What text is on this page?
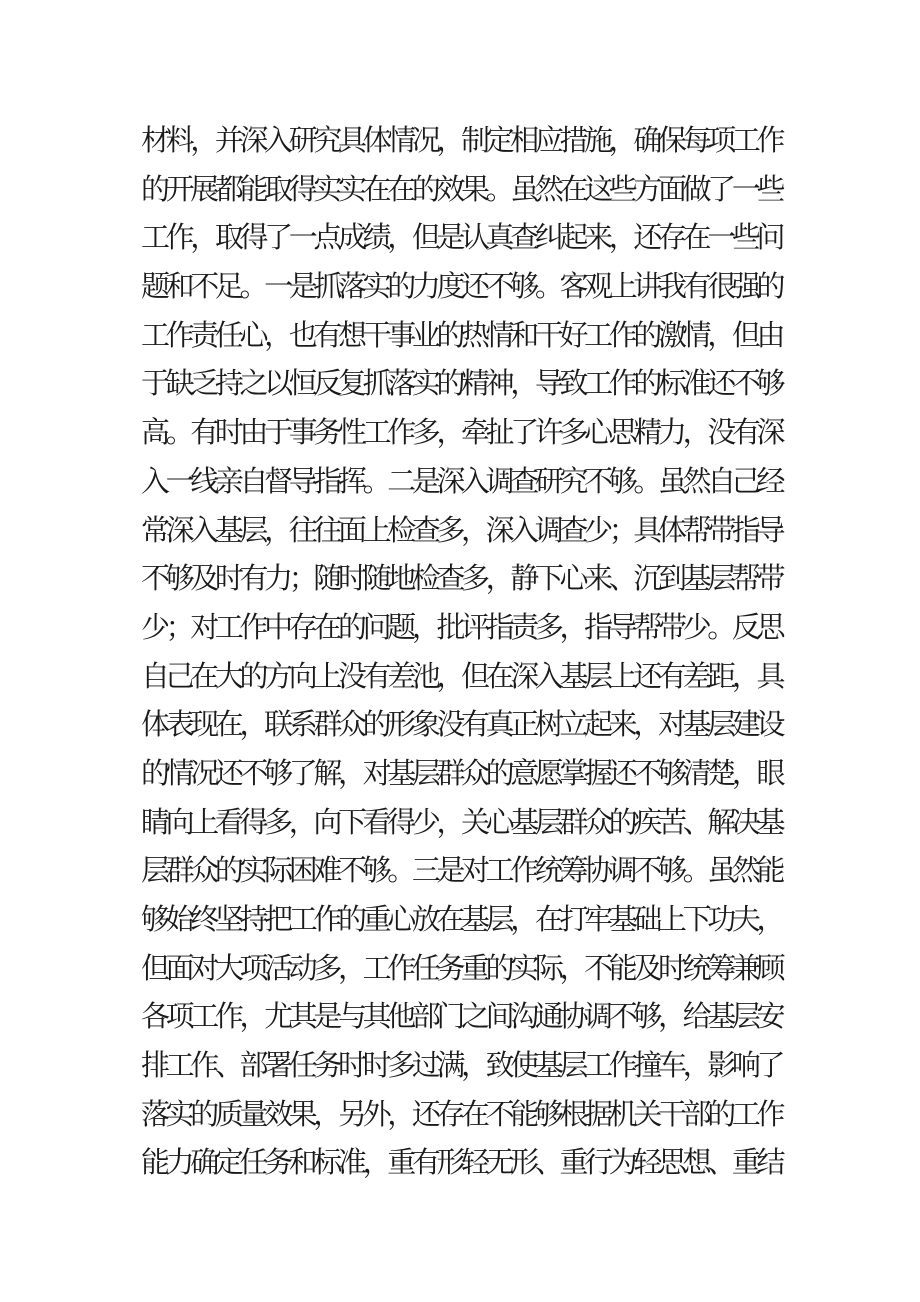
材料，并深入研究具体情况，制定相应措施，确保每项工作
的开展都能取得实实在在的效果。虽然在这些方面做了一些
工作，取得了一点成绩，但是认真查纠起来，还存在一些问
题和不足。一是抓落实的力度还不够。客观上讲我有很强的
工作责任心，也有想干事业的热情和干好工作的激情，但由
于缺乏持之以恒反复抓落实的精神，导致工作的标准还不够
高。有时由于事务性工作多，牵扯了许多心思精力，没有深
入一线亲自督导指挥。二是深入调查研究不够。虽然自己经
常深入基层，往往面上检查多，深入调查少；具体帮带指导
不够及时有力；随时随地检查多，静下心来、沉到基层帮带
少；对工作中存在的问题，批评指责多，指导帮带少。反思
自己在大的方向上没有差池，但在深入基层上还有差距，具
体表现在，联系群众的形象没有真正树立起来，对基层建设
的情况还不够了解，对基层群众的意愿掌握还不够清楚，眼
睛向上看得多，向下看得少，关心基层群众的疾苦、解决基
层群众的实际困难不够。三是对工作统筹协调不够。虽然能
够始终坚持把工作的重心放在基层，在打牢基础上下功夫，
但面对大项活动多，工作任务重的实际，不能及时统筹兼顾
各项工作，尤其是与其他部门之间沟通协调不够，给基层安
排工作、部署任务时时多过满，致使基层工作撞车，影响了
落实的质量效果，另外，还存在不能够根据机关干部的工作
能力确定任务和标准，重有形轻无形、重行为轻思想、重结
